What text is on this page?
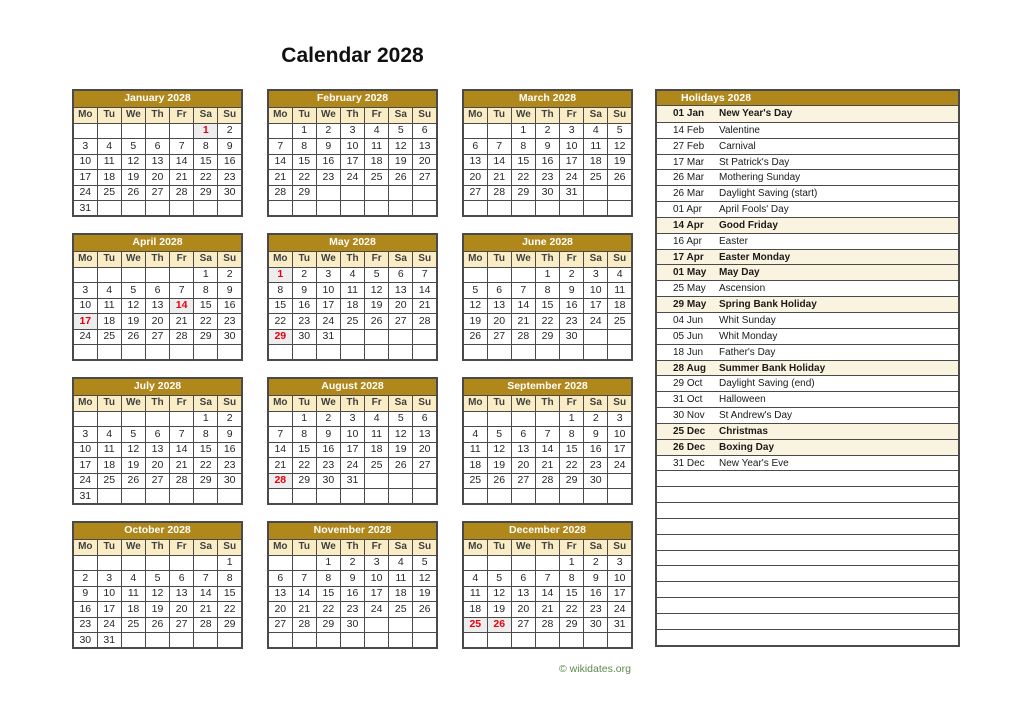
Calendar 2028
January 2028						
Mo	Tu	We	Th	Fr	Sa	Su
					1	2
3	4	5	6	7	8	9
10	11	12	13	14	15	16
17	18	19	20	21	22	23
24	25	26	27	28	29	30
31						
February 2028						
Mo	Tu	We	Th	Fr	Sa	Su
	1	2	3	4	5	6
7	8	9	10	11	12	13
14	15	16	17	18	19	20
21	22	23	24	25	26	27
28	29					

March 2028						
Mo	Tu	We	Th	Fr	Sa	Su
		1	2	3	4	5
6	7	8	9	10	11	12
13	14	15	16	17	18	19
20	21	22	23	24	25	26
27	28	29	30	31		

April 2028						
Mo	Tu	We	Th	Fr	Sa	Su
					1	2
3	4	5	6	7	8	9
10	11	12	13	14	15	16
17	18	19	20	21	22	23
24	25	26	27	28	29	30

May 2028						
Mo	Tu	We	Th	Fr	Sa	Su
1	2	3	4	5	6	7
8	9	10	11	12	13	14
15	16	17	18	19	20	21
22	23	24	25	26	27	28
29	30	31				

June 2028						
Mo	Tu	We	Th	Fr	Sa	Su
			1	2	3	4
5	6	7	8	9	10	11
12	13	14	15	16	17	18
19	20	21	22	23	24	25
26	27	28	29	30		

July 2028						
Mo	Tu	We	Th	Fr	Sa	Su
					1	2
3	4	5	6	7	8	9
10	11	12	13	14	15	16
17	18	19	20	21	22	23
24	25	26	27	28	29	30
31						
August 2028						
Mo	Tu	We	Th	Fr	Sa	Su
	1	2	3	4	5	6
7	8	9	10	11	12	13
14	15	16	17	18	19	20
21	22	23	24	25	26	27
28	29	30	31			

September 2028						
Mo	Tu	We	Th	Fr	Sa	Su
				1	2	3
4	5	6	7	8	9	10
11	12	13	14	15	16	17
18	19	20	21	22	23	24
25	26	27	28	29	30	

October 2028						
Mo	Tu	We	Th	Fr	Sa	Su
						1
2	3	4	5	6	7	8
9	10	11	12	13	14	15
16	17	18	19	20	21	22
23	24	25	26	27	28	29
30	31					
November 2028						
Mo	Tu	We	Th	Fr	Sa	Su
		1	2	3	4	5
6	7	8	9	10	11	12
13	14	15	16	17	18	19
20	21	22	23	24	25	26
27	28	29	30			

December 2028						
Mo	Tu	We	Th	Fr	Sa	Su
				1	2	3
4	5	6	7	8	9	10
11	12	13	14	15	16	17
18	19	20	21	22	23	24
25	26	27	28	29	30	31

Holidays 2028
01 Jan New Year's Day
14 Feb Valentine
27 Feb Carnival
17 Mar St Patrick's Day
26 Mar Mothering Sunday
26 Mar Daylight Saving (start)
01 Apr April Fools' Day
14 Apr Good Friday
16 Apr Easter
17 Apr Easter Monday
01 May May Day
25 May Ascension
29 May Spring Bank Holiday
04 Jun Whit Sunday
05 Jun Whit Monday
18 Jun Father's Day
28 Aug Summer Bank Holiday
29 Oct Daylight Saving (end)
31 Oct Halloween
30 Nov St Andrew's Day
25 Dec Christmas
26 Dec Boxing Day
31 Dec New Year's Eve
© wikidates.org
